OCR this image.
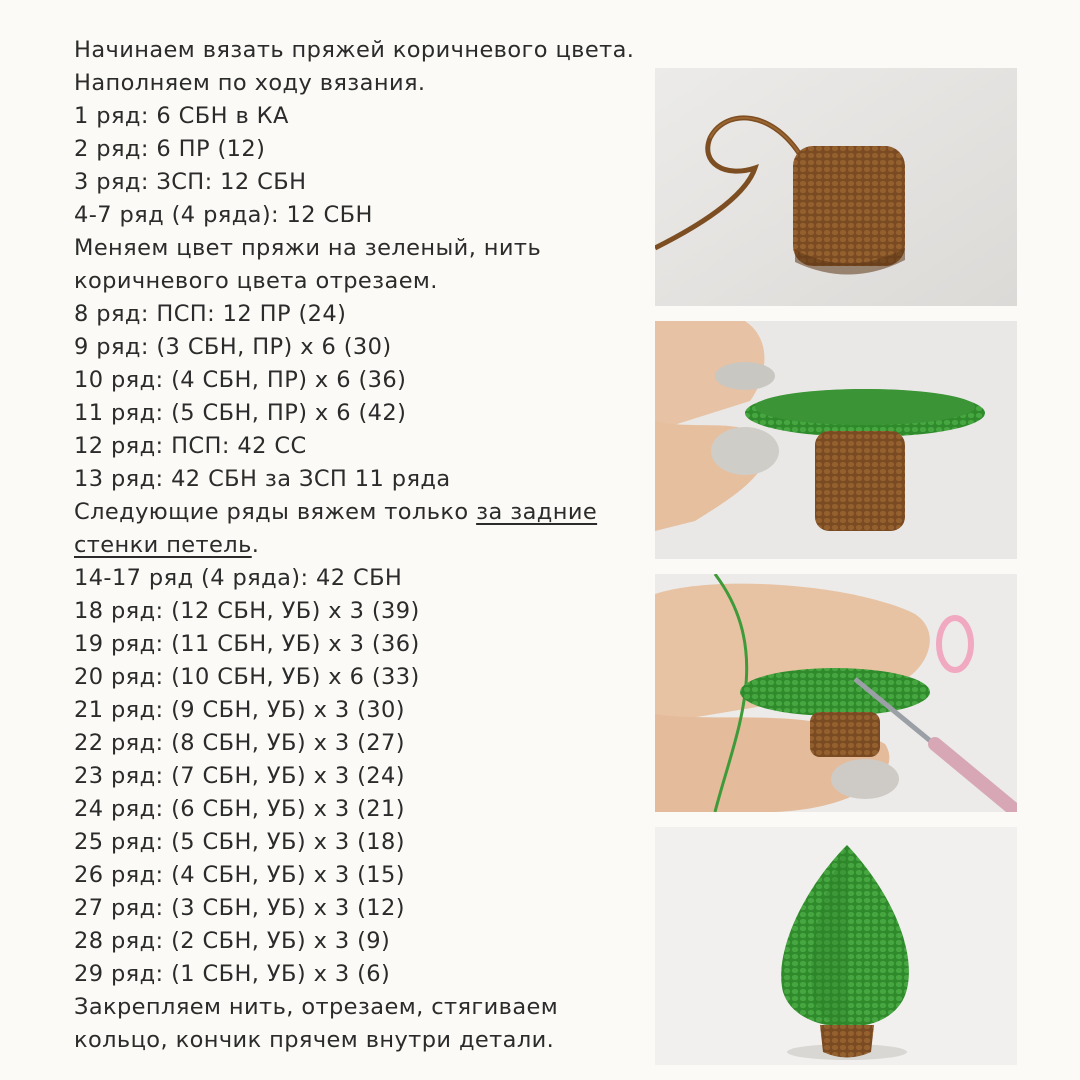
Начинаем вязать пряжей коричневого цвета.
Наполняем по ходу вязания.
1 ряд: 6 СБН в КА
2 ряд: 6 ПР (12)
3 ряд: ЗСП: 12 СБН
4-7 ряд (4 ряда): 12 СБН
Меняем цвет пряжи на зеленый, нить
коричневого цвета отрезаем.
8 ряд: ПСП: 12 ПР (24)
9 ряд: (3 СБН, ПР) х 6 (30)
10 ряд: (4 СБН, ПР) х 6 (36)
11 ряд: (5 СБН, ПР) х 6 (42)
12 ряд: ПСП: 42 СС
13 ряд: 42 СБН за ЗСП 11 ряда
Следующие ряды вяжем только за задние
стенки петель.
14-17 ряд (4 ряда): 42 СБН
18 ряд: (12 СБН, УБ) х 3 (39)
19 ряд: (11 СБН, УБ) х 3 (36)
20 ряд: (10 СБН, УБ) х 6 (33)
21 ряд: (9 СБН, УБ) х 3 (30)
22 ряд: (8 СБН, УБ) х 3 (27)
23 ряд: (7 СБН, УБ) х 3 (24)
24 ряд: (6 СБН, УБ) х 3 (21)
25 ряд: (5 СБН, УБ) х 3 (18)
26 ряд: (4 СБН, УБ) х 3 (15)
27 ряд: (3 СБН, УБ) х 3 (12)
28 ряд: (2 СБН, УБ) х 3 (9)
29 ряд: (1 СБН, УБ) х 3 (6)
Закрепляем нить, отрезаем, стягиваем
кольцо, кончик прячем внутри детали.
